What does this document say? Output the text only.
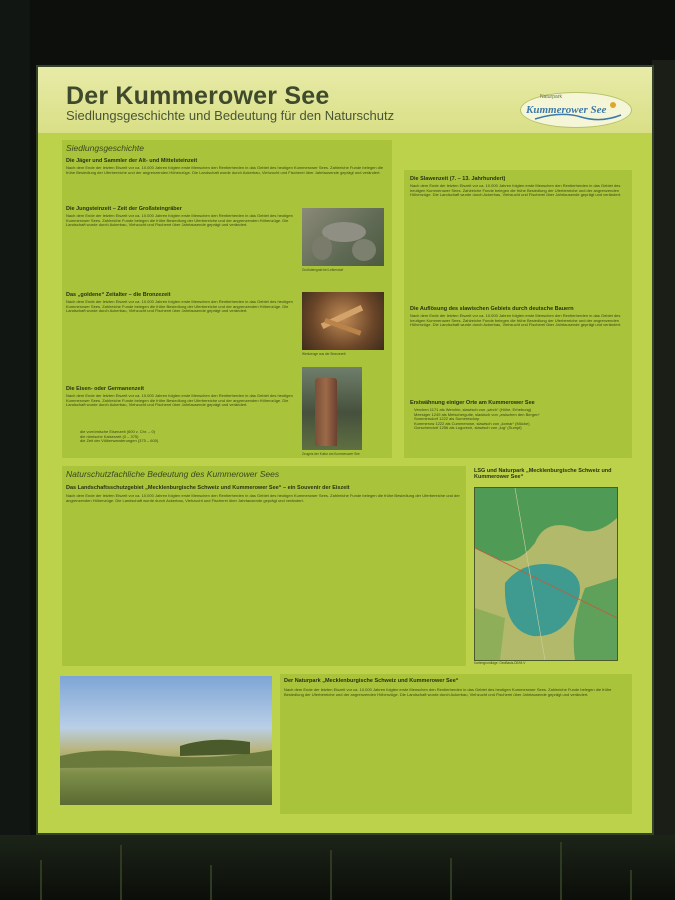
Der Kummerower See
Siedlungsgeschichte und Bedeutung für den Naturschutz
Naturpark
Kummerower See
Siedlungsgeschichte
Die Jäger und Sammler der Alt- und Mittelsteinzeit
Nach dem Ende der letzten Eiszeit vor ca. 10.000 Jahren folgten erste Menschen den Rentierherden in das Gebiet des heutigen Kummerower Sees. Zahlreiche Funde belegen die frühe Besiedlung der Uferbereiche und der angrenzenden Höhenzüge. Die Landschaft wurde durch Ackerbau, Viehzucht und Fischerei über Jahrtausende geprägt und verändert.
Die Jungsteinzeit – Zeit der Großsteingräber
Nach dem Ende der letzten Eiszeit vor ca. 10.000 Jahren folgten erste Menschen den Rentierherden in das Gebiet des heutigen Kummerower Sees. Zahlreiche Funde belegen die frühe Besiedlung der Uferbereiche und der angrenzenden Höhenzüge. Die Landschaft wurde durch Ackerbau, Viehzucht und Fischerei über Jahrtausende geprägt und verändert.
Das „goldene“ Zeitalter – die Bronzezeit
Nach dem Ende der letzten Eiszeit vor ca. 10.000 Jahren folgten erste Menschen den Rentierherden in das Gebiet des heutigen Kummerower Sees. Zahlreiche Funde belegen die frühe Besiedlung der Uferbereiche und der angrenzenden Höhenzüge. Die Landschaft wurde durch Ackerbau, Viehzucht und Fischerei über Jahrtausende geprägt und verändert.
Die Eisen- oder Germanenzeit
Nach dem Ende der letzten Eiszeit vor ca. 10.000 Jahren folgten erste Menschen den Rentierherden in das Gebiet des heutigen Kummerower Sees. Zahlreiche Funde belegen die frühe Besiedlung der Uferbereiche und der angrenzenden Höhenzüge. Die Landschaft wurde durch Ackerbau, Viehzucht und Fischerei über Jahrtausende geprägt und verändert.
die vorrömische Eisenzeit (600 v. Chr. – 0)
die römische Kaiserzeit (0 – 375)
die Zeit der Völkerwanderungen (375 – 600)
Großsteingrab bei Lelkendorf
Werkzeuge aus der Bronzezeit
Zeugnis der Kultur am Kummerower See
Die Slawenzeit (7. – 13. Jahrhundert)
Nach dem Ende der letzten Eiszeit vor ca. 10.000 Jahren folgten erste Menschen den Rentierherden in das Gebiet des heutigen Kummerower Sees. Zahlreiche Funde belegen die frühe Besiedlung der Uferbereiche und der angrenzenden Höhenzüge. Die Landschaft wurde durch Ackerbau, Viehzucht und Fischerei über Jahrtausende geprägt und verändert.
Die Auflösung des slawischen Gebiets durch deutsche Bauern
Nach dem Ende der letzten Eiszeit vor ca. 10.000 Jahren folgten erste Menschen den Rentierherden in das Gebiet des heutigen Kummerower Sees. Zahlreiche Funde belegen die frühe Besiedlung der Uferbereiche und der angrenzenden Höhenzüge. Die Landschaft wurde durch Ackerbau, Viehzucht und Fischerei über Jahrtausende geprägt und verändert.
Erstwähnung einiger Orte am Kummerower See
Verchen 1171 als Werchin, slawisch von „wirch“ (Höhe, Erhebung)
Meesiger 1249 als Metscherguite, slawisch von „zwischen den Bergen“
Sommersdorf 1222 als Sumeresdorp
Kummerow 1222 als Cummerowe, slawisch von „komar“ (Mücke)
Gorschendorf 1256 als Logorech, slawisch von „lug“ (Sumpf)
Naturschutzfachliche Bedeutung des Kummerower Sees
Das Landschaftsschutzgebiet „Mecklenburgische Schweiz und Kummerower See“ – ein Souvenir der Eiszeit
Nach dem Ende der letzten Eiszeit vor ca. 10.000 Jahren folgten erste Menschen den Rentierherden in das Gebiet des heutigen Kummerower Sees. Zahlreiche Funde belegen die frühe Besiedlung der Uferbereiche und der angrenzenden Höhenzüge. Die Landschaft wurde durch Ackerbau, Viehzucht und Fischerei über Jahrtausende geprägt und verändert.
LSG und Naturpark „Mecklenburgische Schweiz und Kummerower See“
Kartengrundlage: GeoBasis-DE/M-V
Der Naturpark „Mecklenburgische Schweiz und Kummerower See“
Nach dem Ende der letzten Eiszeit vor ca. 10.000 Jahren folgten erste Menschen den Rentierherden in das Gebiet des heutigen Kummerower Sees. Zahlreiche Funde belegen die frühe Besiedlung der Uferbereiche und der angrenzenden Höhenzüge. Die Landschaft wurde durch Ackerbau, Viehzucht und Fischerei über Jahrtausende geprägt und verändert.
